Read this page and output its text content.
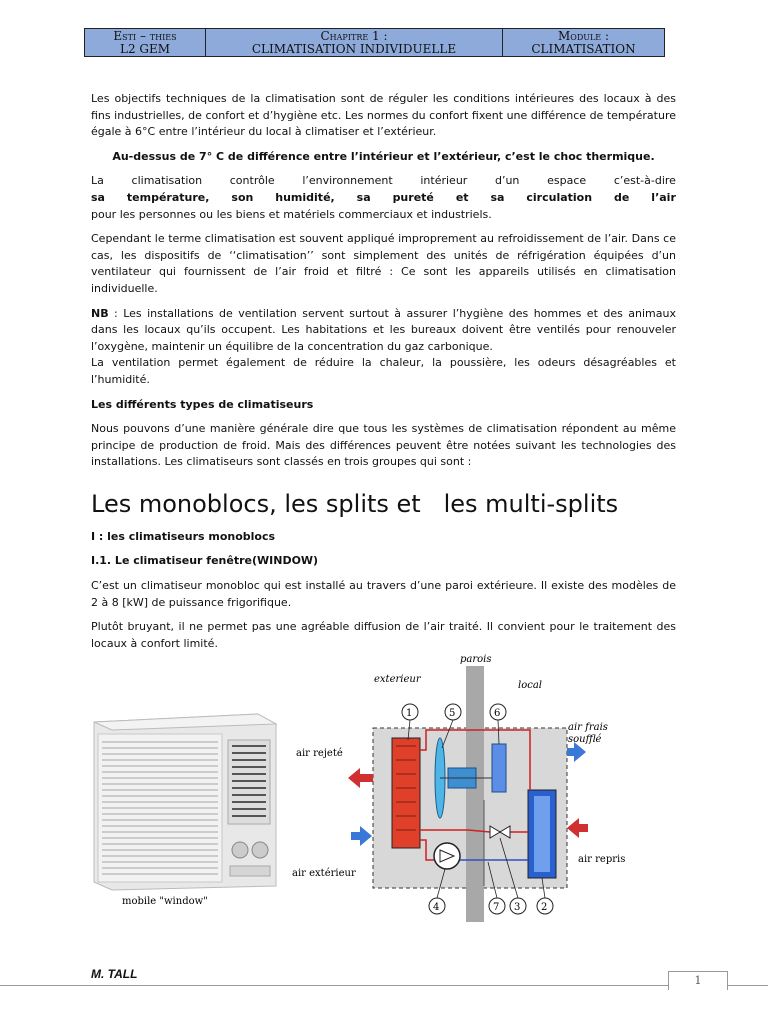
Esti – thies
L2 GEM

Chapitre 1 :
CLIMATISATION INDIVIDUELLE

Module :
CLIMATISATION

Les objectifs techniques de la climatisation sont de réguler les conditions intérieures des locaux à des fins industrielles, de confort et d’hygiène etc. Les normes du confort fixent une différence de température égale à 6°C entre l’intérieur du local à climatiser et l’extérieur.

Au-dessus de 7° C de différence entre l’intérieur et l’extérieur, c’est le choc thermique.

La	climatisation	contrôle	l’environnement	intérieur	d’un	espace	c’est-à-dire
sa température, son humidité, sa pureté et sa circulation de l’air
pour les personnes ou les biens et matériels commerciaux et industriels.

Cependant le terme climatisation est souvent appliqué improprement au refroidissement de l’air. Dans ce cas, les dispositifs de ‘‘climatisation’’ sont simplement des unités de réfrigération équipées d’un ventilateur qui fournissent de l’air froid et filtré : Ce sont les appareils utilisés en climatisation individuelle.

NB : Les installations de ventilation servent surtout à assurer l’hygiène des hommes et des animaux dans les locaux qu’ils occupent. Les habitations et les bureaux doivent être ventilés pour renouveler l’oxygène, maintenir un équilibre de la concentration du gaz carbonique.

La ventilation permet également de réduire la chaleur, la poussière, les odeurs désagréables et l’humidité.

Les différents types de climatiseurs

Nous pouvons d’une manière générale dire que tous les systèmes de climatisation répondent au même principe de production de froid. Mais des différences peuvent être notées suivant les technologies des installations. Les climatiseurs sont classés en trois groupes qui sont :

Les monoblocs, les splits et   les multi-splits

I : les climatiseurs monoblocs

I.1. Le climatiseur fenêtre(WINDOW)

C’est un climatiseur monobloc qui est installé au travers d’une paroi extérieure. Il existe des modèles de 2 à 8 [kW] de puissance frigorifique.

Plutôt bruyant, il ne permet pas une agréable diffusion de l’air traité. Il convient pour le traitement des locaux à confort limité.

mobile "window"
1	5	6
4	7 3 2
parois
exterieur
local
air frais
soufflé
air rejeté
air extérieur
air repris
M. TALL	1
